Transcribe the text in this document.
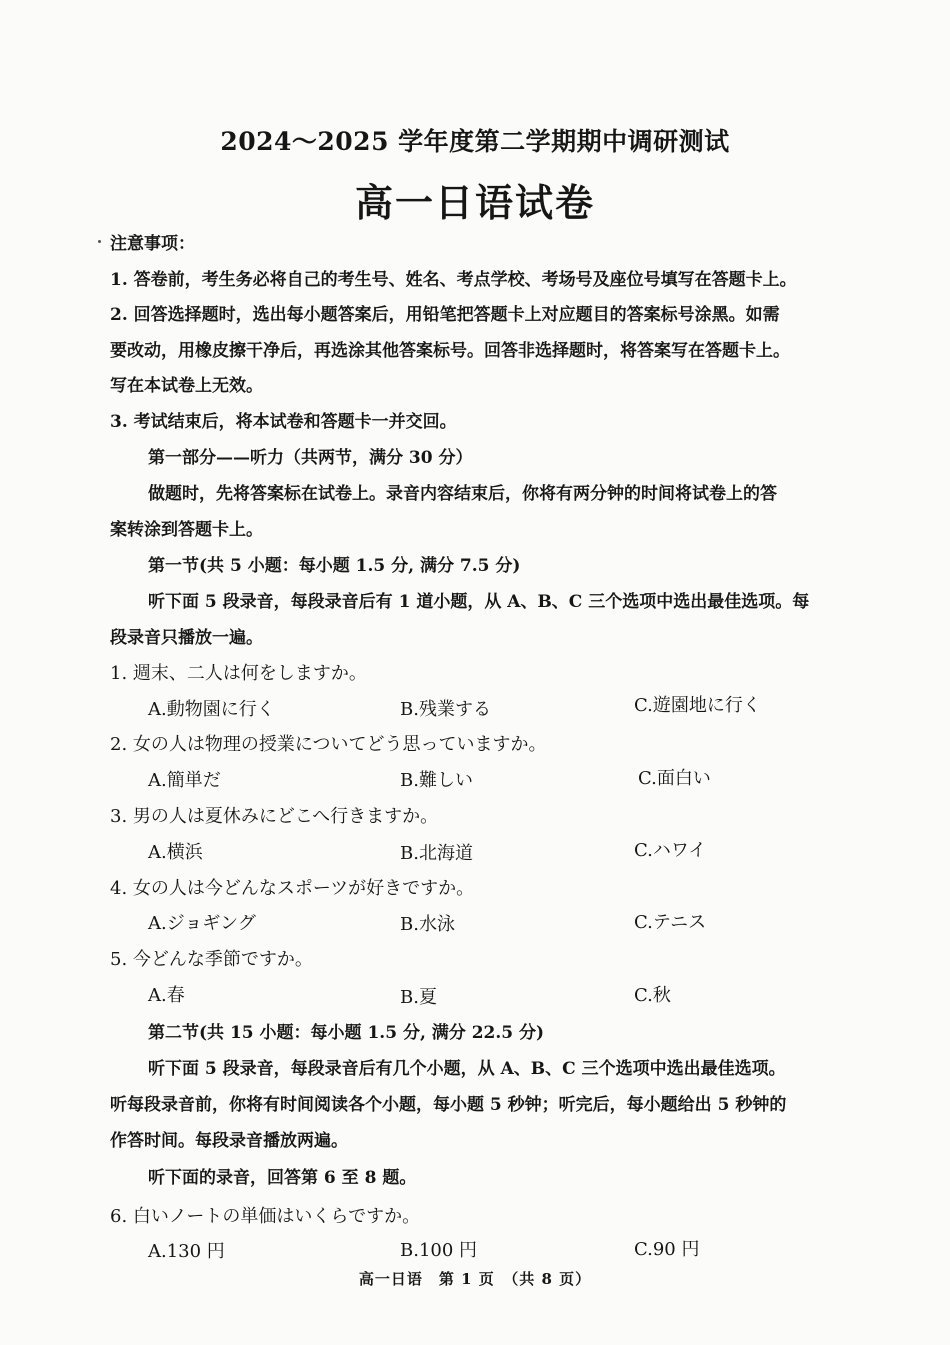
2024～2025 学年度第二学期期中调研测试
高一日语试卷
注意事项：
1. 答卷前，考生务必将自己的考生号、姓名、考点学校、考场号及座位号填写在答题卡上。
2. 回答选择题时，选出每小题答案后，用铅笔把答题卡上对应题目的答案标号涂黑。如需
要改动，用橡皮擦干净后，再选涂其他答案标号。回答非选择题时，将答案写在答题卡上。
写在本试卷上无效。
3. 考试结束后，将本试卷和答题卡一并交回。
第一部分——听力（共两节，满分 30 分）
做题时，先将答案标在试卷上。录音内容结束后，你将有两分钟的时间将试卷上的答
案转涂到答题卡上。
第一节(共 5 小题：每小题 1.5 分, 满分 7.5 分)
听下面 5 段录音，每段录音后有 1 道小题，从 A、B、C 三个选项中选出最佳选项。每
段录音只播放一遍。
1. 週末、二人は何をしますか。
A.動物園に行く	B.残業する	C.遊園地に行く
2. 女の人は物理の授業についてどう思っていますか。
A.簡単だ	B.難しい	C.面白い
3. 男の人は夏休みにどこへ行きますか。
A.横浜	B.北海道	C.ハワイ
4. 女の人は今どんなスポーツが好きですか。
A.ジョギング	B.水泳	C.テニス
5. 今どんな季節ですか。
A.春	B.夏	C.秋
第二节(共 15 小题：每小题 1.5 分, 满分 22.5 分)
听下面 5 段录音，每段录音后有几个小题，从 A、B、C 三个选项中选出最佳选项。
听每段录音前，你将有时间阅读各个小题，每小题 5 秒钟；听完后，每小题给出 5 秒钟的
作答时间。每段录音播放两遍。
听下面的录音，回答第 6 至 8 题。
6. 白いノートの単価はいくらですか。
A.130 円	B.100 円	C.90 円
高一日语　第 1 页　（共 8 页）
